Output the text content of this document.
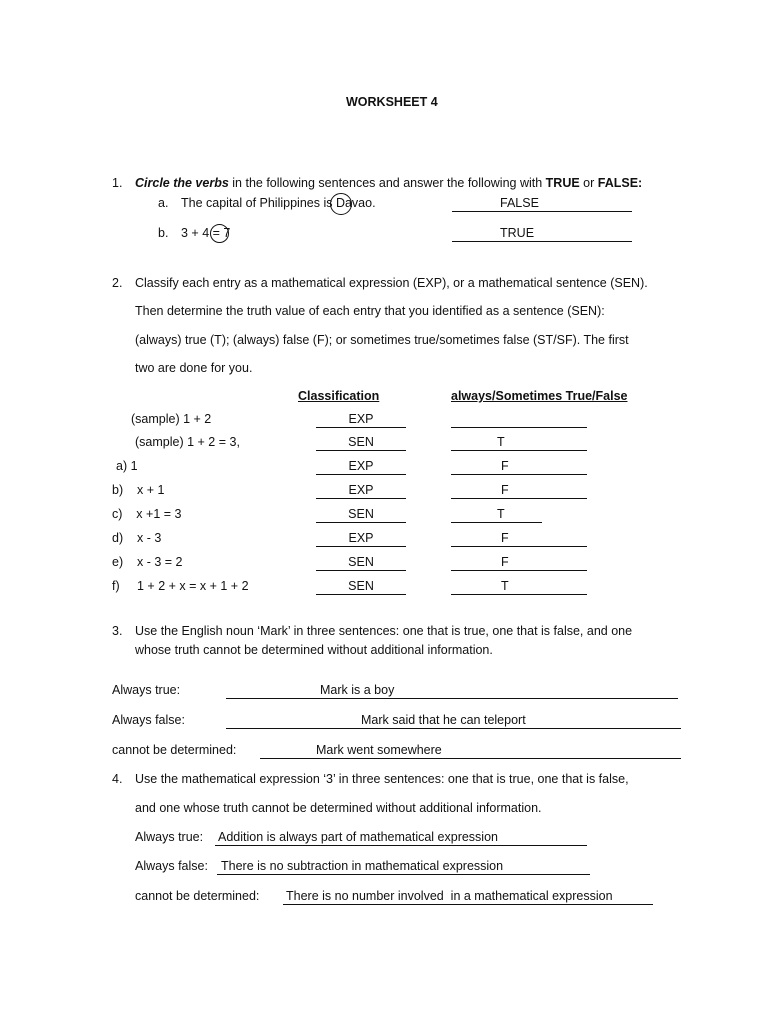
WORKSHEET 4
1. Circle the verbs in the following sentences and answer the following with TRUE or FALSE:
a. The capital of Philippines is Davao.	FALSE
b. 3 + 4 = 7	TRUE
2. Classify each entry as a mathematical expression (EXP), or a mathematical sentence (SEN).
Then determine the truth value of each entry that you identified as a sentence (SEN):
(always) true (T); (always) false (F); or sometimes true/sometimes false (ST/SF). The first
two are done for you.
Classification	always/Sometimes True/False
(sample) 1 + 2	EXP
(sample) 1 + 2 = 3,	SEN	T
a) 1	EXP	F
b)    x + 1	EXP	F
c)    x +1 = 3	SEN	T
d)    x - 3	EXP	F
e)    x - 3 = 2	SEN	F
f)     1 + 2 + x = x + 1 + 2	SEN	T
3. Use the English noun ‘Mark’ in three sentences: one that is true, one that is false, and one
whose truth cannot be determined without additional information.
Always true:	Mark is a boy
Always false:	Mark said that he can teleport
cannot be determined:	Mark went somewhere
4. Use the mathematical expression ‘3’ in three sentences: one that is true, one that is false,
and one whose truth cannot be determined without additional information.
Always true: Addition is always part of mathematical expression
Always false:	There is no subtraction in mathematical expression
cannot be determined: There is no number involved  in a mathematical expression
